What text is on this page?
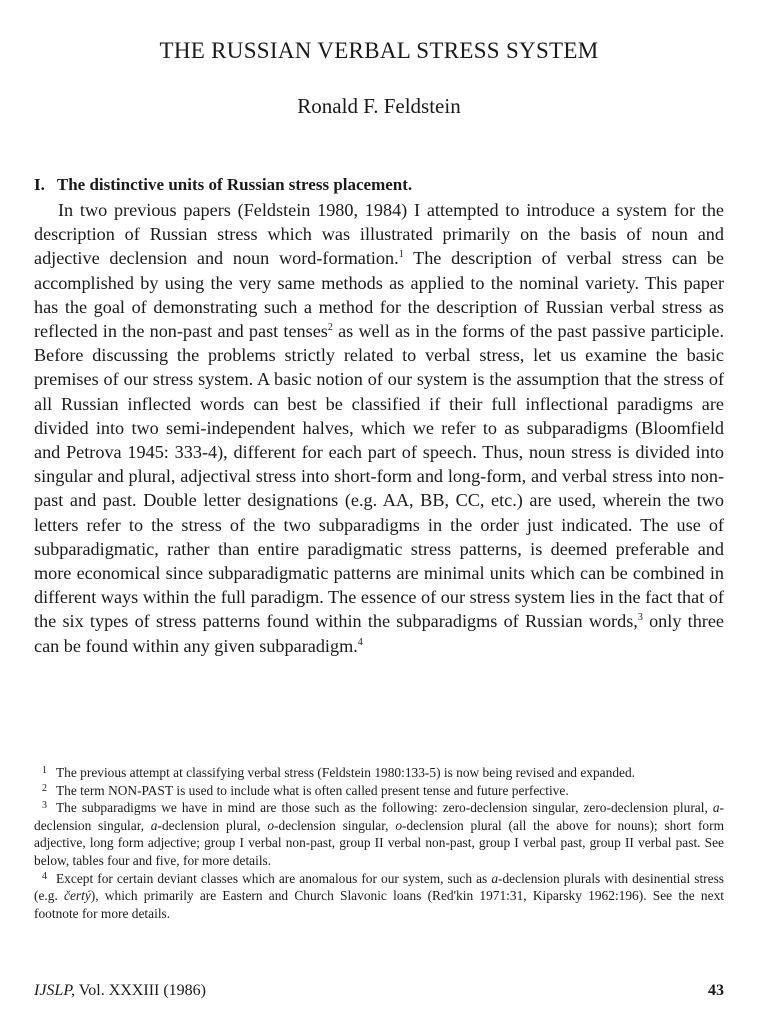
THE RUSSIAN VERBAL STRESS SYSTEM
Ronald F. Feldstein
I. The distinctive units of Russian stress placement.

In two previous papers (Feldstein 1980, 1984) I attempted to introduce a system for the description of Russian stress which was illustrated primarily on the basis of noun and adjective declension and noun word-formation.$^1$ The description of verbal stress can be accomplished by using the very same methods as applied to the nominal variety. This paper has the goal of demonstrating such a method for the description of Russian verbal stress as reflected in the non-past and past tenses$^2$ as well as in the forms of the past passive participle. Before discussing the problems strictly related to verbal stress, let us examine the basic premises of our stress system. A basic notion of our system is the assumption that the stress of all Russian inflected words can best be classified if their full inflectional paradigms are divided into two semi-independent halves, which we refer to as subparadigms (Bloomfield and Petrova 1945: 333-4), different for each part of speech. Thus, noun stress is divided into singular and plural, adjectival stress into short-form and long-form, and verbal stress into non-past and past. Double letter designations (e.g. AA, BB, CC, etc.) are used, wherein the two letters refer to the stress of the two subparadigms in the order just indicated. The use of subparadigmatic, rather than entire paradigmatic stress patterns, is deemed preferable and more economical since subparadigmatic patterns are minimal units which can be combined in different ways within the full paradigm. The essence of our stress system lies in the fact that of the six types of stress patterns found within the subparadigms of Russian words,$^3$ only three can be found within any given subparadigm.$^4$

1 The previous attempt at classifying verbal stress (Feldstein 1980:133-5) is now being revised and expanded.

2 The term NON-PAST is used to include what is often called present tense and future perfective.

3 The subparadigms we have in mind are those such as the following: zero-declension singular, zero-declension plural, a-declension singular, a-declension plural, o-declension singular, o-declension plural (all the above for nouns); short form adjective, long form adjective; group I verbal non-past, group II verbal non-past, group I verbal past, group II verbal past. See below, tables four and five, for more details.

4 Except for certain deviant classes which are anomalous for our system, such as a-declension plurals with desinential stress (e.g. čertý), which primarily are Eastern and Church Slavonic loans (Red'kin 1971:31, Kiparsky 1962:196). See the next footnote for more details.

IJSLP, Vol. XXXIII (1986)	43
